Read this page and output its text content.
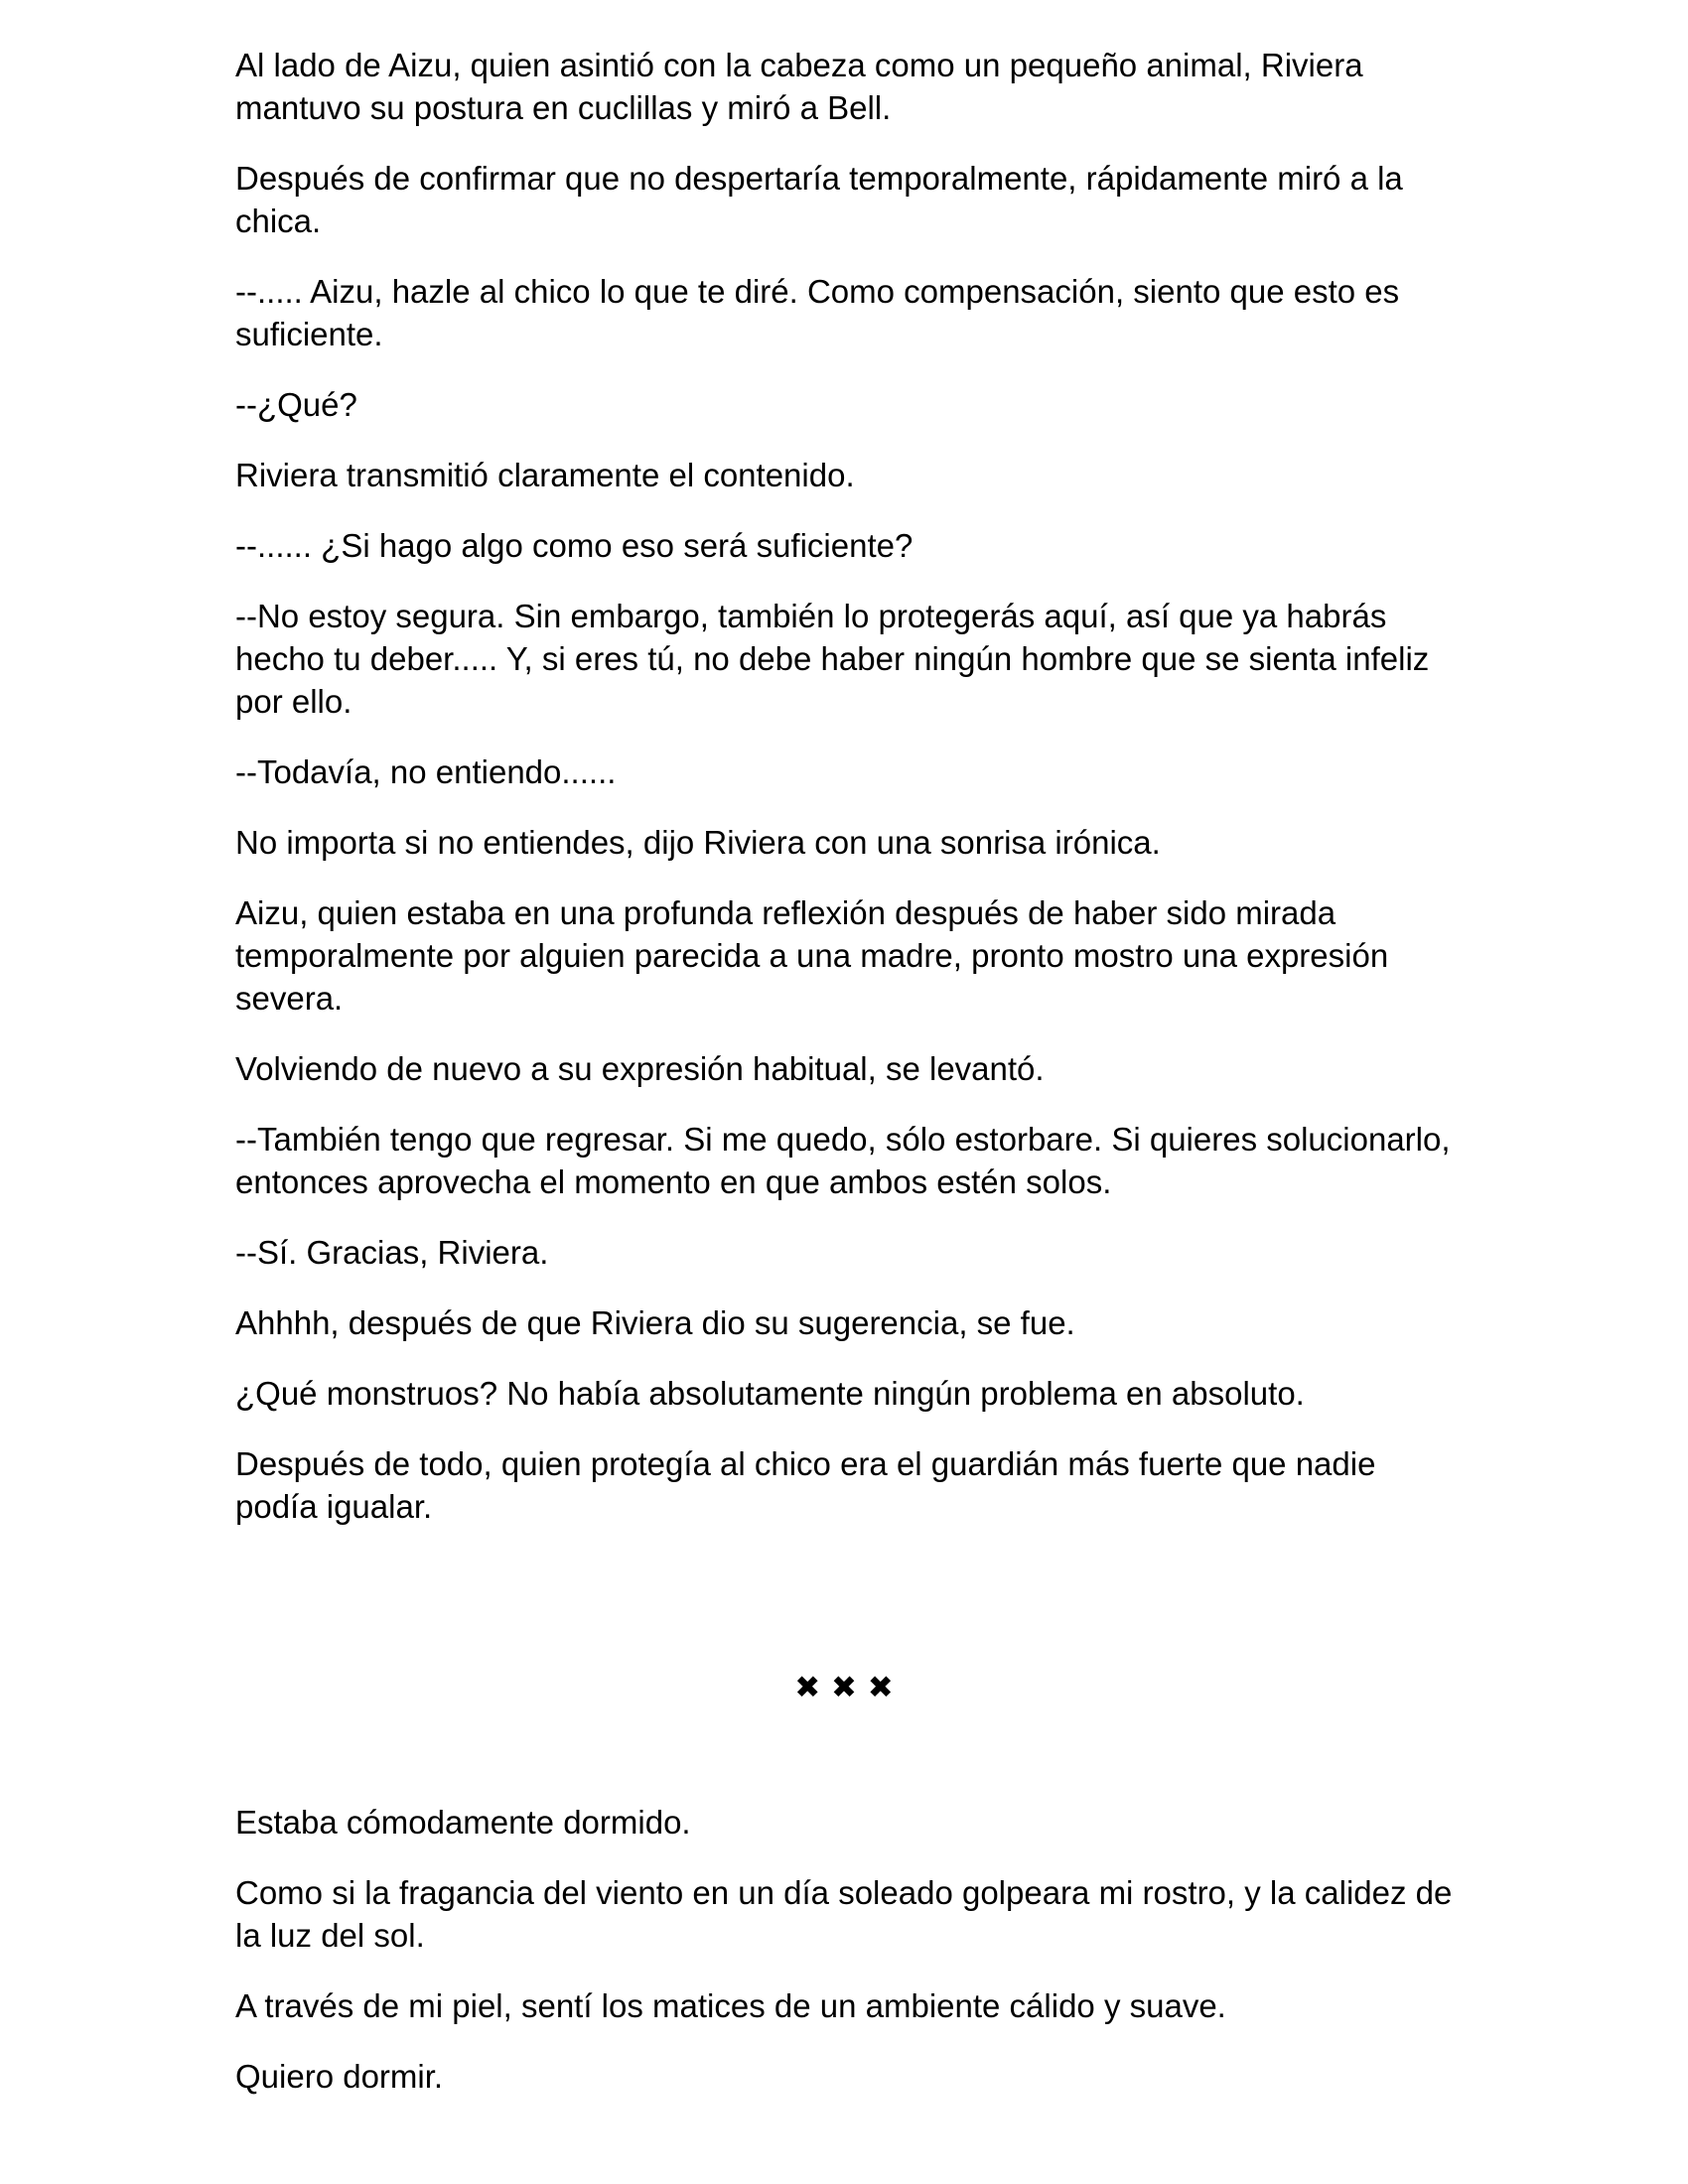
Al lado de Aizu, quien asintió con la cabeza como un pequeño animal, Riviera mantuvo su postura en cuclillas y miró a Bell.

Después de confirmar que no despertaría temporalmente, rápidamente miró a la chica.

--..... Aizu, hazle al chico lo que te diré. Como compensación, siento que esto es suficiente.

--¿Qué?

Riviera transmitió claramente el contenido.

--...... ¿Si hago algo como eso será suficiente?

--No estoy segura. Sin embargo, también lo protegerás aquí, así que ya habrás hecho tu deber..... Y, si eres tú, no debe haber ningún hombre que se sienta infeliz por ello.

--Todavía, no entiendo......

No importa si no entiendes, dijo Riviera con una sonrisa irónica.

Aizu, quien estaba en una profunda reflexión después de haber sido mirada temporalmente por alguien parecida a una madre, pronto mostro una expresión severa.

Volviendo de nuevo a su expresión habitual, se levantó.

--También tengo que regresar. Si me quedo, sólo estorbare. Si quieres solucionarlo, entonces aprovecha el momento en que ambos estén solos.

--Sí. Gracias, Riviera.

Ahhhh, después de que Riviera dio su sugerencia, se fue.

¿Qué monstruos? No había absolutamente ningún problema en absoluto.

Después de todo, quien protegía al chico era el guardián más fuerte que nadie podía igualar.

✖ ✖ ✖

Estaba cómodamente dormido.

Como si la fragancia del viento en un día soleado golpeara mi rostro, y la calidez de la luz del sol.

A través de mi piel, sentí los matices de un ambiente cálido y suave.

Quiero dormir.
